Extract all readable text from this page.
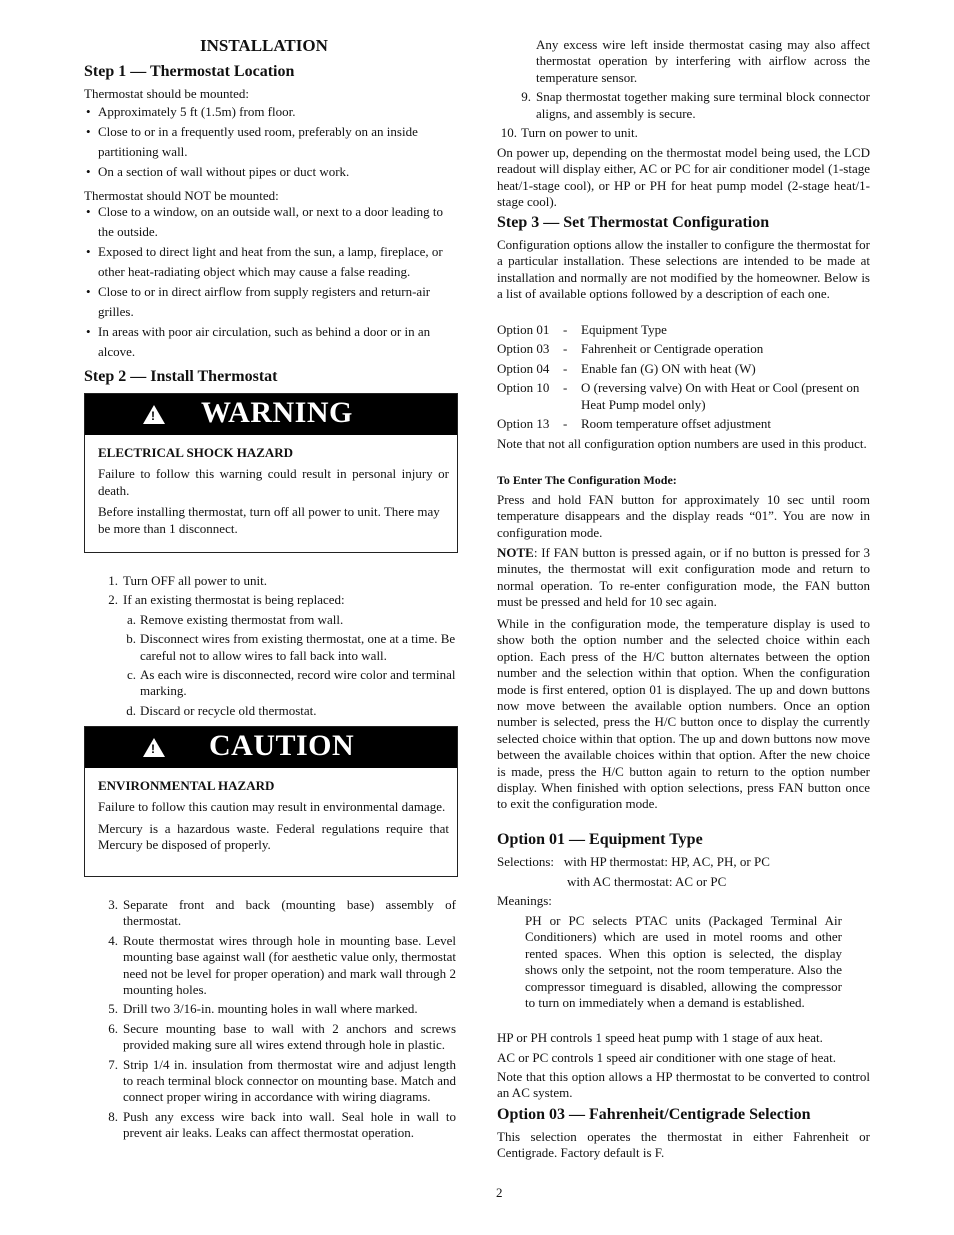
INSTALLATION
Step 1 — Thermostat Location
Thermostat should be mounted:
• Approximately 5 ft (1.5m) from floor.
• Close to or in a frequently used room, preferably on an inside partitioning wall.
• On a section of wall without pipes or duct work.
Thermostat should NOT be mounted:
• Close to a window, on an outside wall, or next to a door leading to the outside.
• Exposed to direct light and heat from the sun, a lamp, fireplace, or other heat-radiating object which may cause a false reading.
• Close to or in direct airflow from supply registers and return-air grilles.
• In areas with poor air circulation, such as behind a door or in an alcove.
Step 2 — Install Thermostat
!
WARNING

ELECTRICAL SHOCK HAZARD

Failure to follow this warning could result in personal injury or death.

Before installing thermostat, turn off all power to unit. There may be more than 1 disconnect.

1. Turn OFF all power to unit.
2. If an existing thermostat is being replaced:
a. Remove existing thermostat from wall.
b. Disconnect wires from existing thermostat, one at a time. Be careful not to allow wires to fall back into wall.
c. As each wire is disconnected, record wire color and terminal marking.
d. Discard or recycle old thermostat.
!
CAUTION

ENVIRONMENTAL HAZARD

Failure to follow this caution may result in environmental damage.

Mercury is a hazardous waste. Federal regulations require that Mercury be disposed of properly.

3. Separate front and back (mounting base) assembly of thermostat.
4. Route thermostat wires through hole in mounting base. Level mounting base against wall (for aesthetic value only, thermostat need not be level for proper operation) and mark wall through 2 mounting holes.
5. Drill two 3/16-in. mounting holes in wall where marked.
6. Secure mounting base to wall with 2 anchors and screws provided making sure all wires extend through hole in plastic.
7. Strip 1/4 in. insulation from thermostat wire and adjust length to reach terminal block connector on mounting base. Match and connect proper wiring in accordance with wiring diagrams.
8. Push any excess wire back into wall. Seal hole in wall to prevent air leaks. Leaks can affect thermostat operation.
Any excess wire left inside thermostat casing may also affect thermostat operation by interfering with airflow across the temperature sensor.
9. Snap thermostat together making sure terminal block connector aligns, and assembly is secure.
10. Turn on power to unit.
On power up, depending on the thermostat model being used, the LCD readout will display either, AC or PC for air conditioner model (1-stage heat/1-stage cool), or HP or PH for heat pump model (2-stage heat/1-stage cool).
Step 3 — Set Thermostat Configuration
Configuration options allow the installer to configure the thermostat for a particular installation. These selections are intended to be made at installation and normally are not modified by the homeowner. Below is a list of available options followed by a description of each one.
Option 01 -	Equipment Type
Option 03 -	Fahrenheit or Centigrade operation
Option 04 -	Enable fan (G) ON with heat (W)
Option 10 -	O (reversing valve) On with Heat or Cool (present on Heat Pump model only)
Option 13 -	Room temperature offset adjustment
Note that not all configuration option numbers are used in this product.
To Enter The Configuration Mode:
Press and hold FAN button for approximately 10 sec until room temperature disappears and the display reads “01”. You are now in configuration mode.
NOTE: If FAN button is pressed again, or if no button is pressed for 3 minutes, the thermostat will exit configuration mode and return to normal operation. To re-enter configuration mode, the FAN button must be pressed and held for 10 sec again.
While in the configuration mode, the temperature display is used to show both the option number and the selected choice within each option. Each press of the H/C button alternates between the option number and the selection within that option. When the configuration mode is first entered, option 01 is displayed. The up and down buttons now move between the available option numbers. Once an option number is selected, press the H/C button once to display the currently selected choice within that option. The up and down buttons now move between the available choices within that option. After the new choice is made, press the H/C button again to return to the option number display. When finished with option selections, press FAN button once to exit the configuration mode.
Option 01 — Equipment Type
Selections:   with HP thermostat: HP, AC, PH, or PC
with AC thermostat: AC or PC
Meanings:
PH or PC selects PTAC units (Packaged Terminal Air Conditioners) which are used in motel rooms and other rented spaces. When this option is selected, the display shows only the setpoint, not the room temperature. Also the compressor timeguard is disabled, allowing the compressor to turn on immediately when a demand is established.
HP or PH controls 1 speed heat pump with 1 stage of aux heat.
AC or PC controls 1 speed air conditioner with one stage of heat.
Note that this option allows a HP thermostat to be converted to control an AC system.
Option 03 — Fahrenheit/Centigrade Selection
This selection operates the thermostat in either Fahrenheit or Centigrade. Factory default is F.
2
